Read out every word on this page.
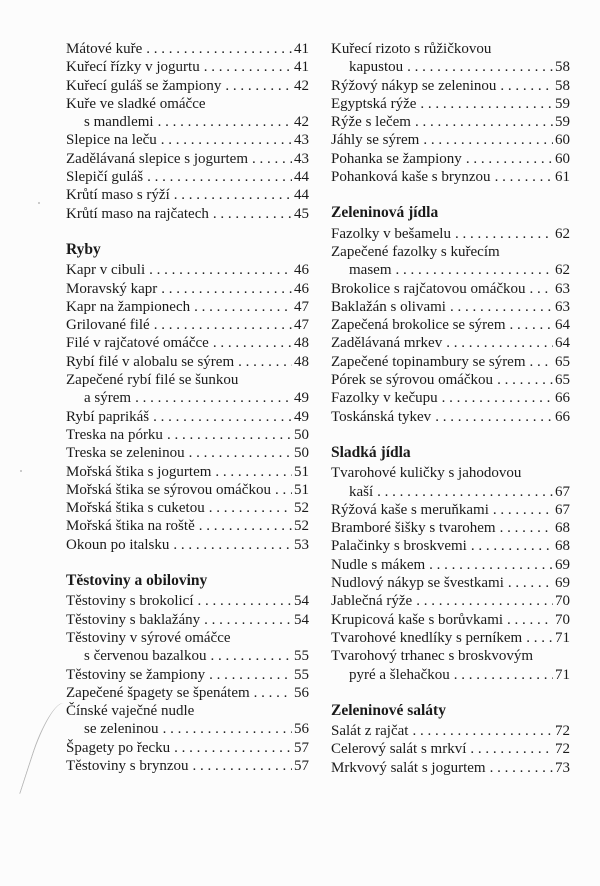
Mátové kuře . . .	41
Kuřecí řízky v jogurtu . . .	41
Kuřecí guláš se žampiony . . .	42
Kuře ve sladké omáčce
s mandlemi . . .	42
Slepice na leču . . .	43
Zadělávaná slepice s jogurtem . . .	43
Slepičí guláš . . .	44
Krůtí maso s rýží . . .	44
Krůtí maso na rajčatech . . .	45
Ryby
Kapr v cibuli . . .	46
Moravský kapr . . .	46
Kapr na žampionech . . .	47
Grilované filé . . .	47
Filé v rajčatové omáčce . . .	48
Rybí filé v alobalu se sýrem . . .	48
Zapečené rybí filé se šunkou
a sýrem . . .	49
Rybí paprikáš . . .	49
Treska na pórku . . .	50
Treska se zeleninou . . .	50
Mořská štika s jogurtem . . .	51
Mořská štika se sýrovou omáčkou . . . 51
Mořská štika s cuketou . . .	52
Mořská štika na roště . . .	52
Okoun po italsku . . .	53
Těstoviny a obiloviny
Těstoviny s brokolicí . . .	54
Těstoviny s baklažány . . .	54
Těstoviny v sýrové omáčce
s červenou bazalkou . . .	55
Těstoviny se žampiony . . .	55
Zapečené špagety se špenátem . . .	56
Čínské vaječné nudle
se zeleninou . . .	56
Špagety po řecku . . .	57
Těstoviny s brynzou . . .	57
Kuřecí rizoto s růžičkovou
kapustou . . .	58
Rýžový nákyp se zeleninou . . .	58
Egyptská rýže . . .	59
Rýže s lečem . . .	59
Jáhly se sýrem . . .	60
Pohanka se žampiony . . .	60
Pohanková kaše s brynzou . . .	61
Zeleninová jídla
Fazolky v bešamelu . . .	62
Zapečené fazolky s kuřecím
masem . . .	62
Brokolice s rajčatovou omáčkou . . . 63
Baklažán s olivami . . .	63
Zapečená brokolice se sýrem . . .	64
Zadělávaná mrkev . . .	64
Zapečené topinambury se sýrem . . . 65
Pórek se sýrovou omáčkou . . .	65
Fazolky v kečupu . . .	66
Toskánská tykev . . .	66
Sladká jídla
Tvarohové kuličky s jahodovou
kaší . . .	67
Rýžová kaše s meruňkami . . .	67
Bramboré šišky s tvarohem . . .	68
Palačinky s broskvemi . . .	68
Nudle s mákem . . .	69
Nudlový nákyp se švestkami . . .	69
Jablečná rýže . . .	70
Krupicová kaše s borůvkami . . .	70
Tvarohové knedlíky s perníkem . . . 71
Tvarohový trhanec s broskvovým
pyré a šlehačkou . . .	71
Zeleninové saláty
Salát z rajčat . . .	72
Celerový salát s mrkví . . .	72
Mrkvový salát s jogurtem . . .	73
